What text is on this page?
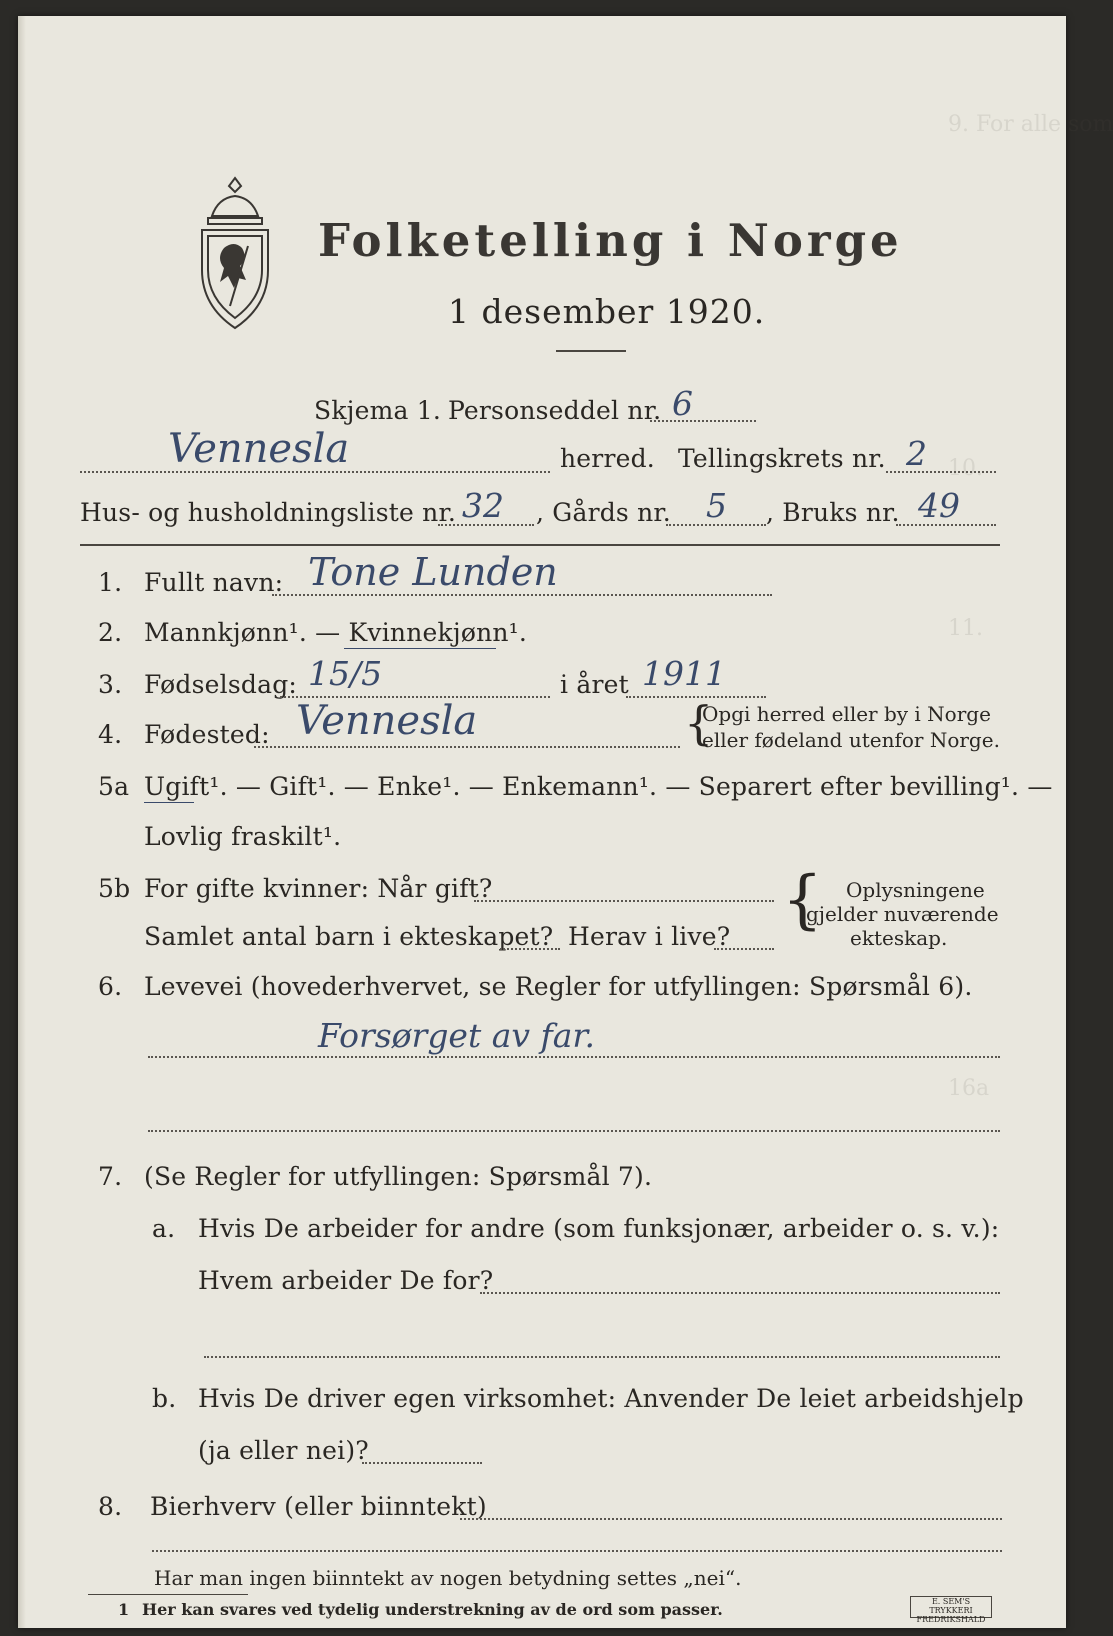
9. For alle som
10.
11.
16a
Folketelling i Norge
1 desember 1920.
Skjema 1. Personseddel nr. 6
Vennesla	herred. Tellingskrets nr. 2
Hus- og husholdningsliste nr. 32 , Gårds nr. 5 , Bruks nr. 49
1. Fullt navn: Tone Lunden
2. Mannkjønn¹. — Kvinnekjønn¹.
3. Fødselsdag: 15/5	i året 1911
4. Fødested: Vennesla	{
Opgi herred eller by i Norge
eller fødeland utenfor Norge.
5a Ugift¹. — Gift¹. — Enke¹. — Enkemann¹. — Separert efter bevilling¹. —
Lovlig fraskilt¹.
5b For gifte kvinner: Når gift?
Samlet antal barn i ekteskapet? Herav i live? { Oplysningene
gjelder nuværende
ekteskap.
6. Levevei (hovederhvervet, se Regler for utfyllingen: Spørsmål 6).
Forsørget av far.
7. (Se Regler for utfyllingen: Spørsmål 7).
a. Hvis De arbeider for andre (som funksjonær, arbeider o. s. v.):
Hvem arbeider De for?
b. Hvis De driver egen virksomhet: Anvender De leiet arbeidshjelp
(ja eller nei)?
8. Bierhverv (eller biinntekt)
Har man ingen biinntekt av nogen betydning settes „nei“.
1 Her kan svares ved tydelig understrekning av de ord som passer.	E. SEM'S TRYKKERI FREDRIKSHALD
